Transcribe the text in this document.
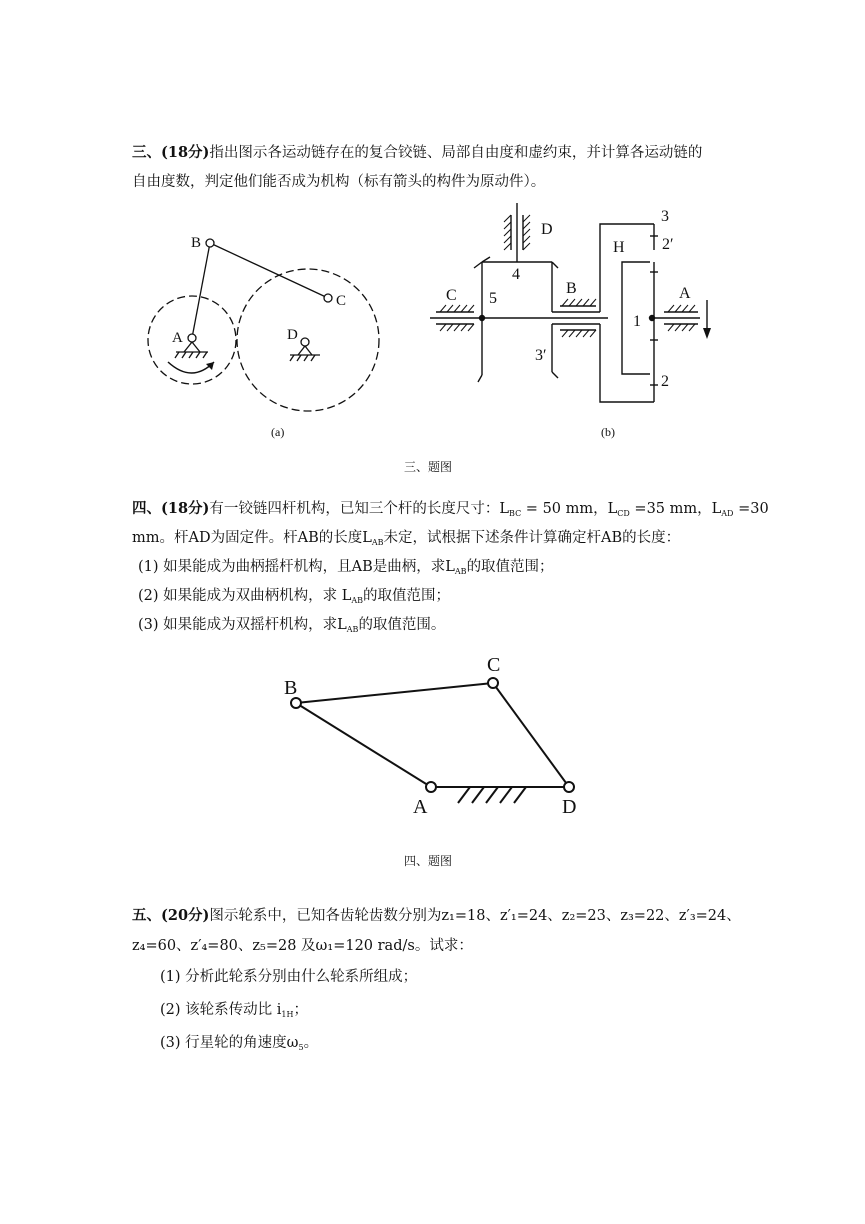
三、(18分)指出图示各运动链存在的复合铰链、局部自由度和虚约束，并计算各运动链的
自由度数，判定他们能否成为机构（标有箭头的构件为原动件）。
B
A
C
D
(a)
D
4
C 5
B
3′
H
3
2′
A
1
2
(b)
B
C
A	D
三、题图
四、(18分)有一铰链四杆机构，已知三个杆的长度尺寸：$L_{BC} = 50$ mm，$L_{CD} =35$ mm，$L_{AD} =30$
mm。杆AD为固定件。杆AB的长度$L_{AB}$未定，试根据下述条件计算确定杆AB的长度：
(1) 如果能成为曲柄摇杆机构，且AB是曲柄，求$L_{AB}$的取值范围；
(2) 如果能成为双曲柄机构，求 $L_{AB}$的取值范围；
(3) 如果能成为双摇杆机构，求$L_{AB}$的取值范围。
四、题图
五、(20分)图示轮系中，已知各齿轮齿数分别为z₁=18、z′₁=24、z₂=23、z₃=22、z′₃=24、
z₄=60、z′₄=80、z₅=28 及ω₁=120 rad/s。试求：
(1) 分析此轮系分别由什么轮系所组成；
(2) 该轮系传动比 $i_{1H}$；
(3) 行星轮的角速度$\omega_5$。
